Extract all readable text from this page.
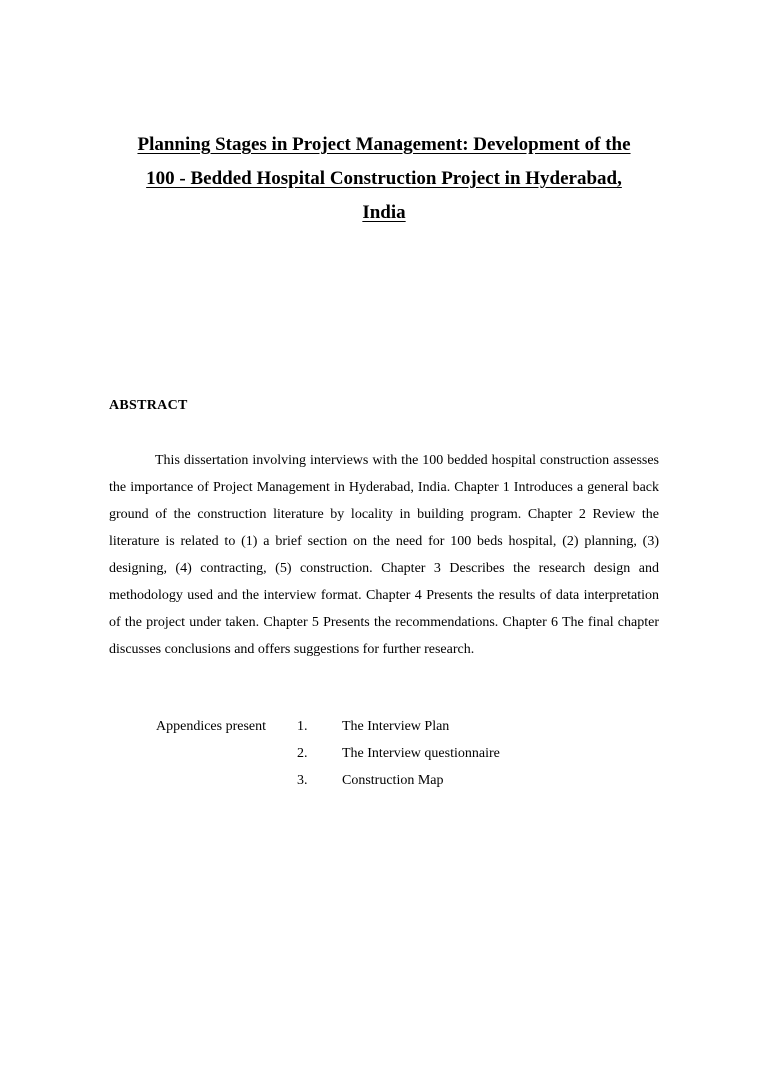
Planning Stages in Project Management: Development of the
100 - Bedded Hospital Construction Project in Hyderabad,
India
ABSTRACT

This dissertation involving interviews with the 100 bedded hospital construction assesses the importance of Project Management in Hyderabad, India. Chapter 1 Introduces a general back ground of the construction literature by locality in building program. Chapter 2 Review the literature is related to (1) a brief section on the need for 100 beds hospital, (2) planning, (3) designing, (4) contracting, (5) construction. Chapter 3 Describes the research design and methodology used and the interview format. Chapter 4 Presents the results of data interpretation of the project under taken. Chapter 5 Presents the recommendations. Chapter 6 The final chapter discusses conclusions and offers suggestions for further research.

Appendices present 1. The Interview Plan
2. The Interview questionnaire
3. Construction Map
